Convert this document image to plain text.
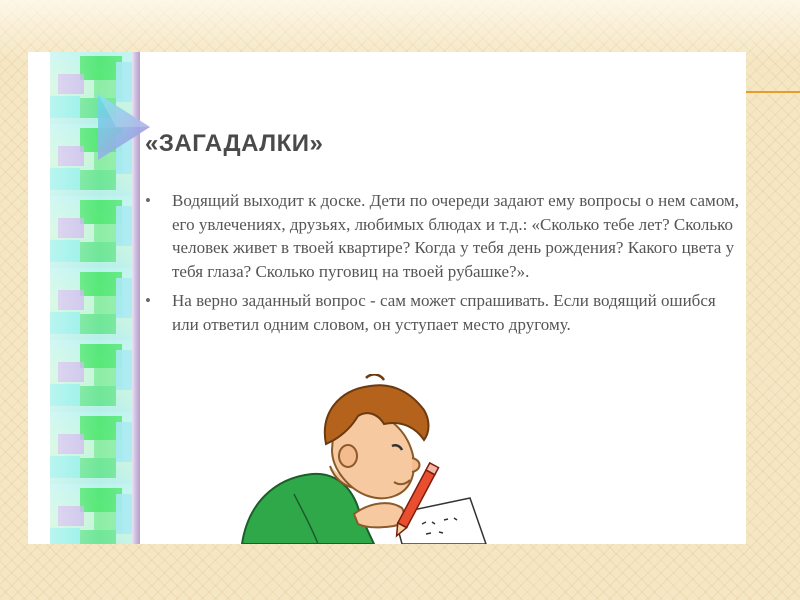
«ЗАГАДАЛКИ»
• Водящий выходит к доске. Дети по очереди задают ему вопросы о нем самом, его увлечениях, друзьях, любимых блюдах и т.д.: «Сколько тебе лет? Сколько человек живет в твоей квартире? Когда у тебя день рождения? Какого цвета у тебя глаза? Сколько пуговиц на твоей рубашке?».
• На верно заданный вопрос - сам может спрашивать. Если водящий ошибся или ответил одним словом, он уступает место другому.
